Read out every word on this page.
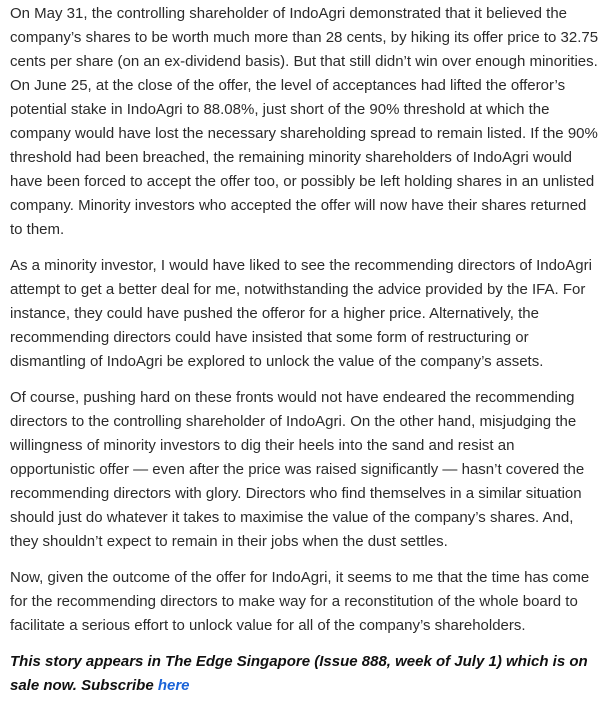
On May 31, the controlling shareholder of IndoAgri demonstrated that it believed the company’s shares to be worth much more than 28 cents, by hiking its offer price to 32.75 cents per share (on an ex-dividend basis). But that still didn’t win over enough minorities. On June 25, at the close of the offer, the level of acceptances had lifted the offeror’s potential stake in IndoAgri to 88.08%, just short of the 90% threshold at which the company would have lost the necessary shareholding spread to remain listed. If the 90% threshold had been breached, the remaining minority shareholders of IndoAgri would have been forced to accept the offer too, or possibly be left holding shares in an unlisted company. Minority investors who accepted the offer will now have their shares returned to them.

As a minority investor, I would have liked to see the recommending directors of IndoAgri attempt to get a better deal for me, notwithstanding the advice provided by the IFA. For instance, they could have pushed the offeror for a higher price. Alternatively, the recommending directors could have insisted that some form of restructuring or dismantling of IndoAgri be explored to unlock the value of the company’s assets.

Of course, pushing hard on these fronts would not have endeared the recommending directors to the controlling shareholder of IndoAgri. On the other hand, misjudging the willingness of minority investors to dig their heels into the sand and resist an opportunistic offer — even after the price was raised significantly — hasn’t covered the recommending directors with glory. Directors who find themselves in a similar situation should just do whatever it takes to maximise the value of the company’s shares. And, they shouldn’t expect to remain in their jobs when the dust settles.

Now, given the outcome of the offer for IndoAgri, it seems to me that the time has come for the recommending directors to make way for a reconstitution of the whole board to facilitate a serious effort to unlock value for all of the company’s shareholders.

This story appears in The Edge Singapore (Issue 888, week of July 1) which is on sale now. Subscribe here
